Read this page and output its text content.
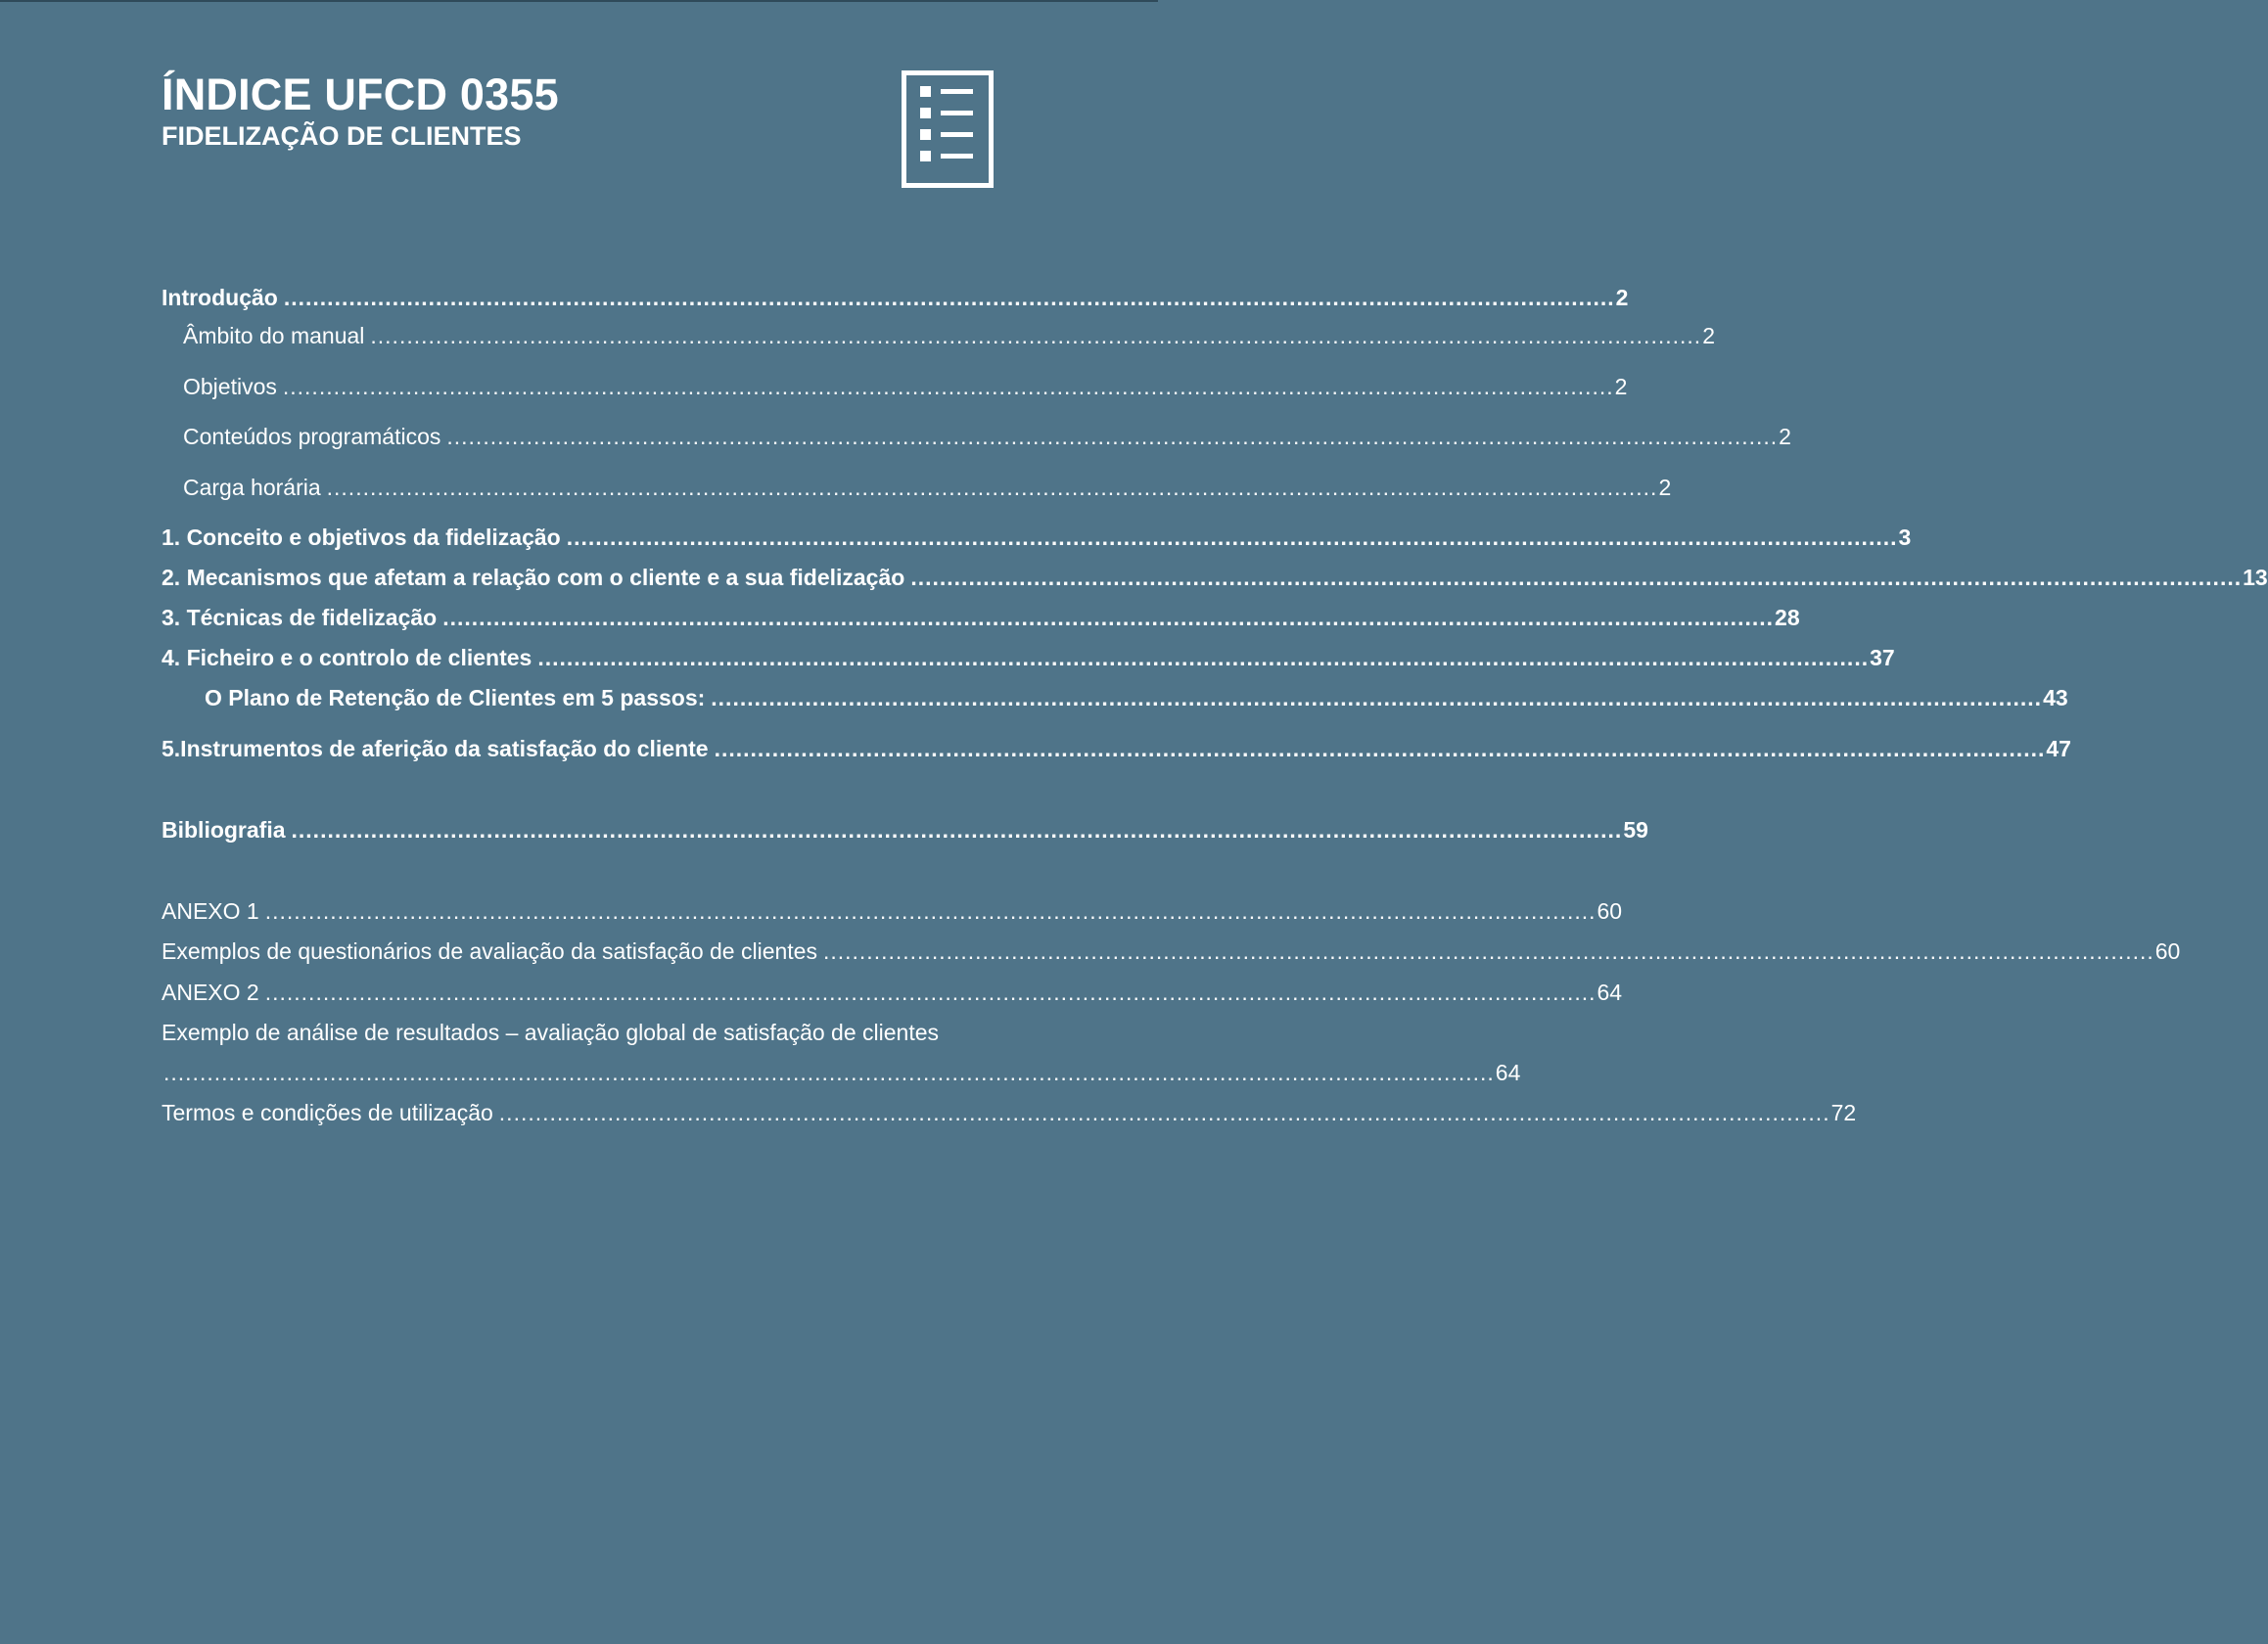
ÍNDICE UFCD 0355
FIDELIZAÇÃO DE CLIENTES
Introdução ........................................................................................................................................................................................ 2
Âmbito do manual ........................................................................................................................................................................................ 2
Objetivos ........................................................................................................................................................................................ 2
Conteúdos programáticos ........................................................................................................................................................................................ 2
Carga horária ........................................................................................................................................................................................ 2
1. Conceito e objetivos da fidelização ........................................................................................................................................................................................ 3
2. Mecanismos que afetam a relação com o cliente e a sua fidelização ........................................................................................................................................................................................ 13
3. Técnicas de fidelização ........................................................................................................................................................................................ 28
4. Ficheiro e o controlo de clientes ........................................................................................................................................................................................ 37
O Plano de Retenção de Clientes em 5 passos: ........................................................................................................................................................................................ 43
5.Instrumentos de aferição da satisfação do cliente ........................................................................................................................................................................................ 47
Bibliografia ........................................................................................................................................................................................ 59
ANEXO 1 ........................................................................................................................................................................................ 60
Exemplos de questionários de avaliação da satisfação de clientes ........................................................................................................................................................................................ 60
ANEXO 2 ........................................................................................................................................................................................ 64
Exemplo de análise de resultados – avaliação global de satisfação de clientes
........................................................................................................................................................................................ 64
Termos e condições de utilização ........................................................................................................................................................................................ 72
